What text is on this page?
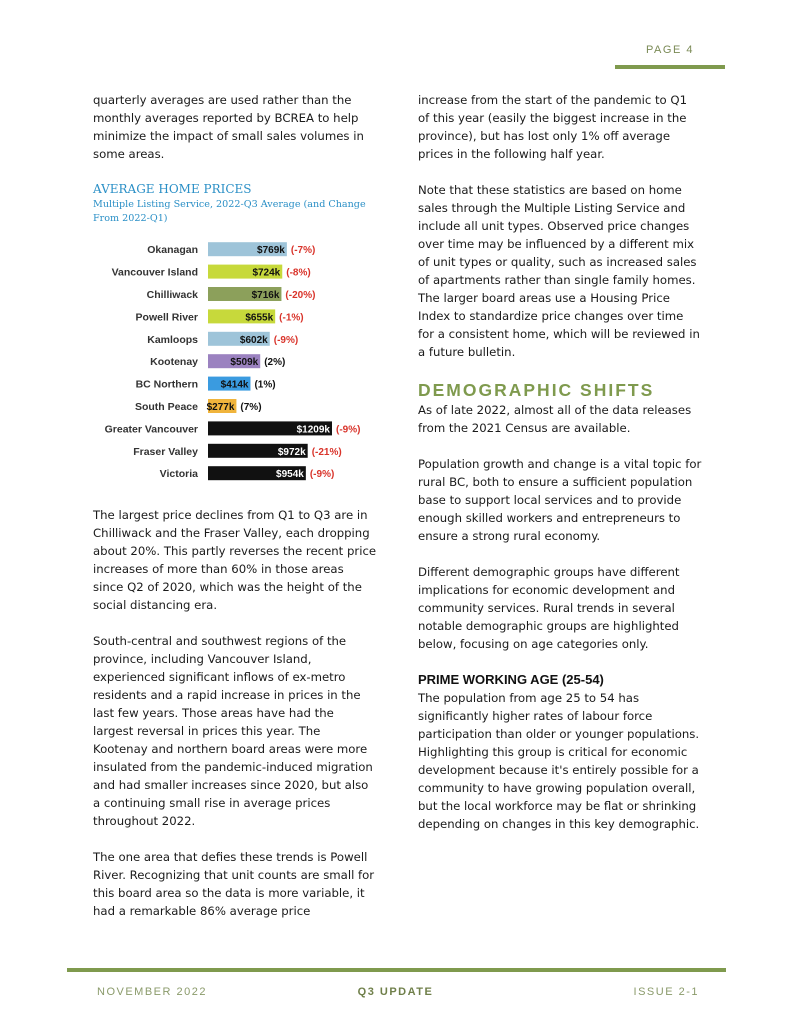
PAGE 4

quarterly averages are used rather than the monthly averages reported by BCREA to help minimize the impact of small sales volumes in some areas.

AVERAGE HOME PRICES
Multiple Listing Service, 2022-Q3 Average (and Change From 2022-Q1)
Okanagan	$769k (-7%)
Vancouver Island	$724k (-8%)
Chilliwack	$716k (-20%)
Powell River	$655k (-1%)
Kamloops	$602k (-9%)
Kootenay	$509k (2%)
BC Northern $414k (1%)
South Peace $277k (7%)
Greater Vancouver	$1209k (-9%)
Fraser Valley	$972k (-21%)
Victoria	$954k (-9%)

The largest price declines from Q1 to Q3 are in Chilliwack and the Fraser Valley, each dropping about 20%. This partly reverses the recent price increases of more than 60% in those areas since Q2 of 2020, which was the height of the social distancing era.

South-central and southwest regions of the province, including Vancouver Island, experienced significant inflows of ex-metro residents and a rapid increase in prices in the last few years. Those areas have had the largest reversal in prices this year. The Kootenay and northern board areas were more insulated from the pandemic-induced migration and had smaller increases since 2020, but also a continuing small rise in average prices throughout 2022.

The one area that defies these trends is Powell River. Recognizing that unit counts are small for this board area so the data is more variable, it had a remarkable 86% average price

increase from the start of the pandemic to Q1 of this year (easily the biggest increase in the province), but has lost only 1% off average prices in the following half year.

Note that these statistics are based on home sales through the Multiple Listing Service and include all unit types. Observed price changes over time may be influenced by a different mix of unit types or quality, such as increased sales of apartments rather than single family homes. The larger board areas use a Housing Price Index to standardize price changes over time for a consistent home, which will be reviewed in a future bulletin.

DEMOGRAPHIC SHIFTS

As of late 2022, almost all of the data releases from the 2021 Census are available.

Population growth and change is a vital topic for rural BC, both to ensure a sufficient population base to support local services and to provide enough skilled workers and entrepreneurs to ensure a strong rural economy.

Different demographic groups have different implications for economic development and community services. Rural trends in several notable demographic groups are highlighted below, focusing on age categories only.

PRIME WORKING AGE (25-54)

The population from age 25 to 54 has significantly higher rates of labour force participation than older or younger populations. Highlighting this group is critical for economic development because it's entirely possible for a community to have growing population overall, but the local workforce may be flat or shrinking depending on changes in this key demographic.

NOVEMBER 2022	Q3 UPDATE	ISSUE 2-1
